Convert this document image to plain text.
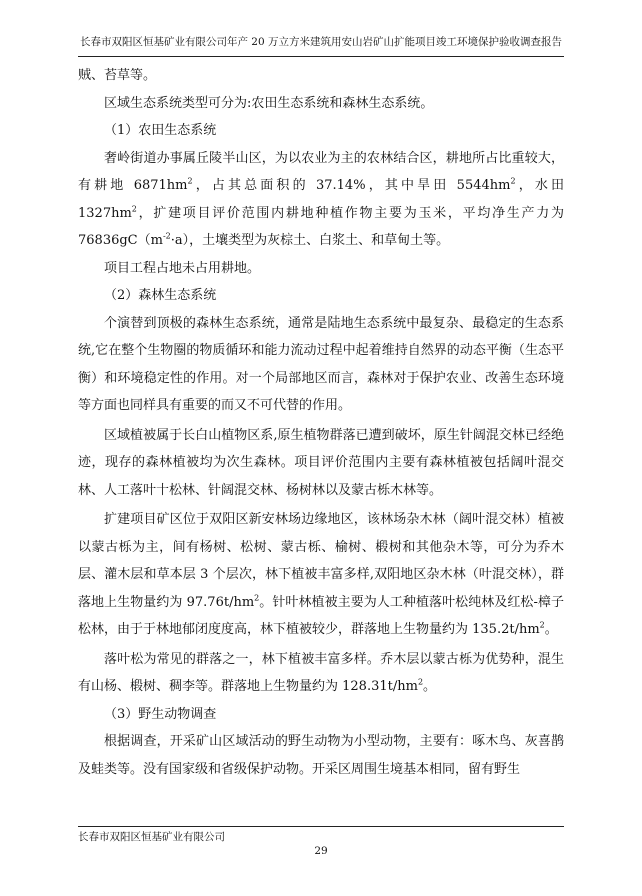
长春市双阳区恒基矿业有限公司年产 20 万立方米建筑用安山岩矿山扩能项目竣工环境保护验收调查报告

贼、苔草等。

区域生态系统类型可分为:农田生态系统和森林生态系统。

（1）农田生态系统

奢岭街道办事属丘陵半山区，为以农业为主的农林结合区，耕地所占比重较大，有耕地 $6871hm^2$，占其总面积的 37.14%，其中旱田 $5544hm^2$，水田 $1327hm^2$，扩建项目评价范围内耕地种植作物主要为玉米，平均净生产力为 $76836gC(m^{-2}\cdot a)$，土壤类型为灰棕土、白浆土、和草甸土等。

项目工程占地未占用耕地。

（2）森林生态系统

个演替到顶极的森林生态系统，通常是陆地生态系统中最复杂、最稳定的生态系统,它在整个生物圈的物质循环和能力流动过程中起着维持自然界的动态平衡（生态平衡）和环境稳定性的作用。对一个局部地区而言，森林对于保护农业、改善生态环境等方面也同样具有重要的而又不可代替的作用。

区域植被属于长白山植物区系,原生植物群落已遭到破坏，原生针阔混交林已经绝迹，现存的森林植被均为次生森林。项目评价范围内主要有森林植被包括阔叶混交林、人工落叶十松林、针阔混交林、杨树林以及蒙古栎木林等。

扩建项目矿区位于双阳区新安林场边缘地区，该林场杂木林（阔叶混交林）植被以蒙古栎为主，间有杨树、松树、蒙古栎、榆树、椴树和其他杂木等，可分为乔木层、灌木层和草本层 3 个层次，林下植被丰富多样,双阳地区杂木林（叶混交林），群落地上生物量约为 $97.76t/hm^2$。针叶林植被主要为人工种植落叶松纯林及红松-樟子松林，由于于林地郁闭度度高，林下植被较少，群落地上生物量约为 $135.2t/hm^2$。

落叶松为常见的群落之一，林下植被丰富多样。乔木层以蒙古栎为优势种，混生有山杨、椴树、稠李等。群落地上生物量约为 $128.31t/hm^2$。

（3）野生动物调查

根据调查，开采矿山区域活动的野生动物为小型动物，主要有：啄木鸟、灰喜鹊及蛙类等。没有国家级和省级保护动物。开采区周围生境基本相同，留有野生

长春市双阳区恒基矿业有限公司
29
